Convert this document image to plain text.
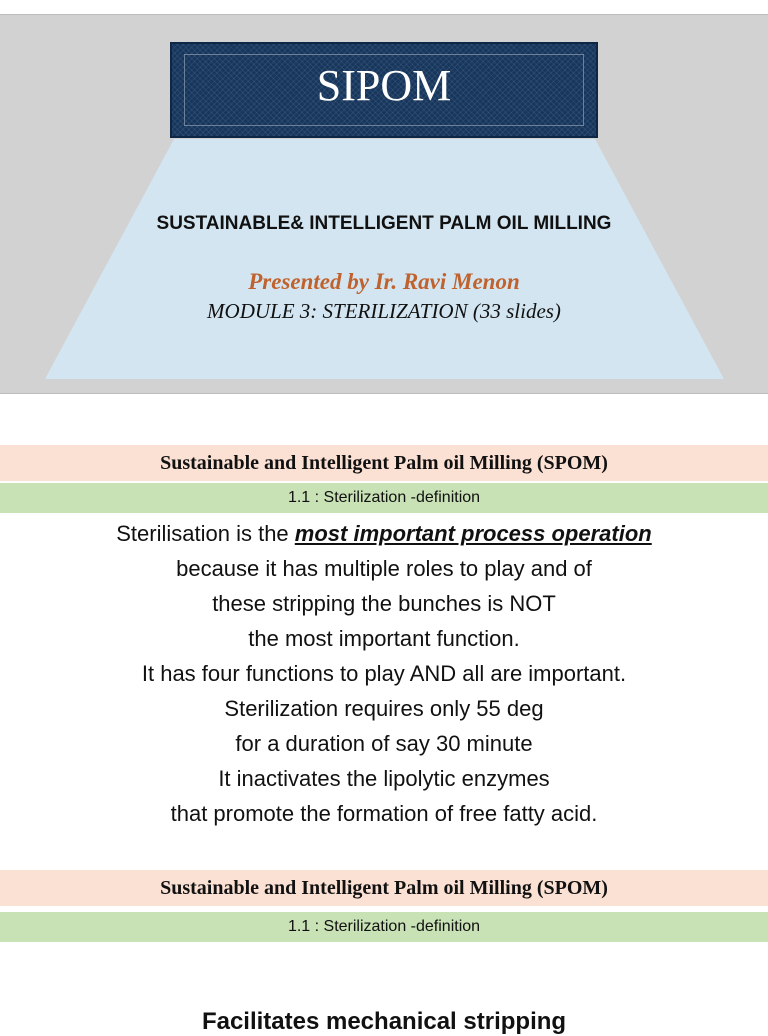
SIPOM
SUSTAINABLE& INTELLIGENT PALM OIL MILLING
Presented by Ir. Ravi Menon
MODULE 3: STERILIZATION (33 slides)
Sustainable and Intelligent Palm oil Milling (SPOM)
1.1 : Sterilization -definition
Sterilisation is the most important process operation
because it has multiple roles to play and of
these stripping the bunches is NOT
the most important function.
It has four functions to play AND all are important.
Sterilization requires only 55 deg
for a duration of say 30 minute
It inactivates the lipolytic enzymes
that promote the formation of free fatty acid.
Sustainable and Intelligent Palm oil Milling (SPOM)
1.1 : Sterilization -definition
Facilitates mechanical stripping
